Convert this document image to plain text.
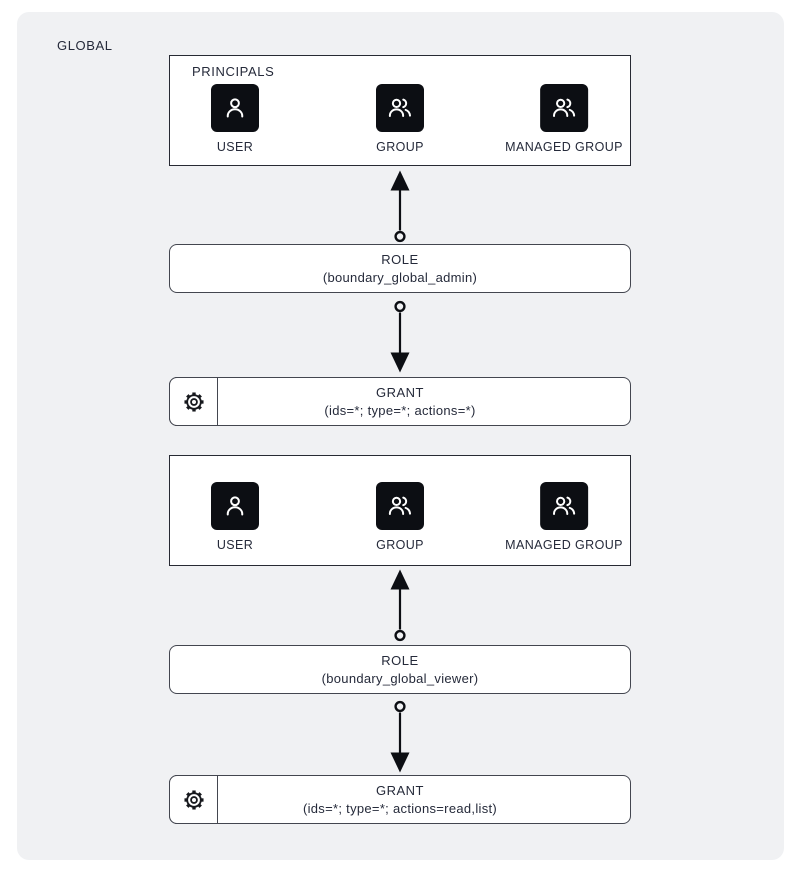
GLOBAL
PRINCIPALS
USER	GROUP	MANAGED GROUP
ROLE
(boundary_global_admin)
GRANT
(ids=*; type=*; actions=*)
USER	GROUP	MANAGED GROUP
ROLE
(boundary_global_viewer)
GRANT
(ids=*; type=*; actions=read,list)
